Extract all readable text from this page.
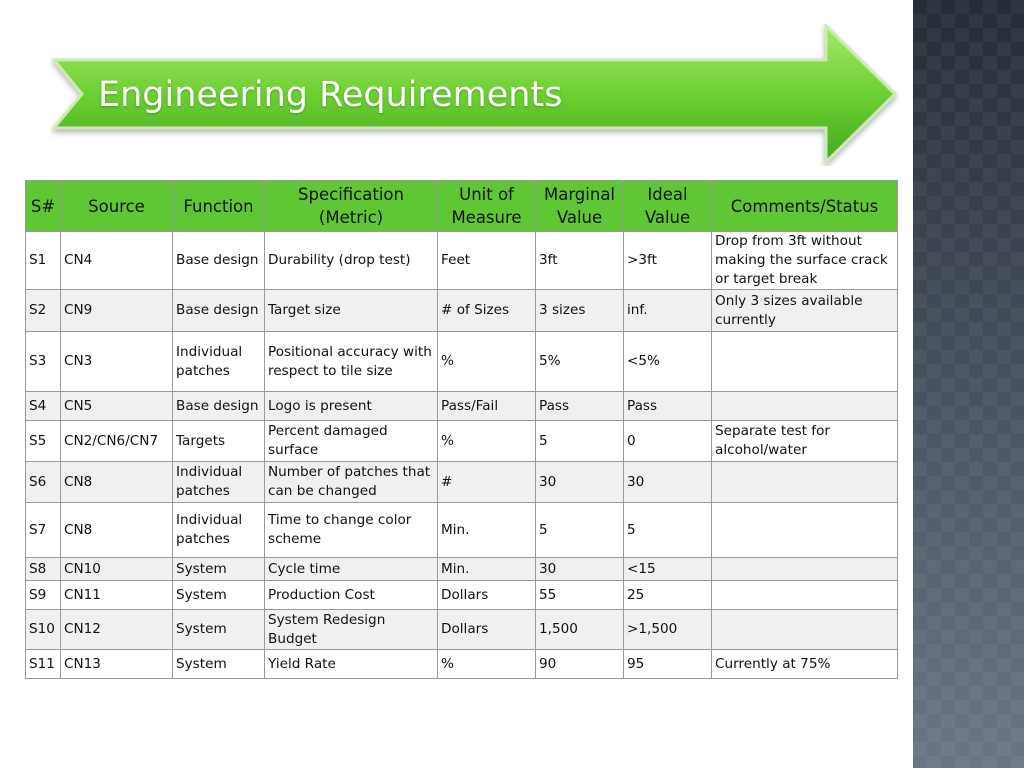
Engineering Requirements
S#	Source	Function	Specification (Metric)	Unit of Measure	Marginal Value	Ideal Value	Comments/Status
S1	CN4	Base design	Durability (drop test)	Feet	3ft	>3ft	Drop from 3ft without making the surface crack or target break
S2	CN9	Base design	Target size	# of Sizes	3 sizes	inf.	Only 3 sizes available currently
S3	CN3	Individual patches	Positional accuracy with respect to tile size	%	5%	<5%	
S4	CN5	Base design	Logo is present	Pass/Fail	Pass	Pass	
S5	CN2/CN6/CN7	Targets	Percent damaged surface	%	5	0	Separate test for alcohol/water
S6	CN8	Individual patches	Number of patches that can be changed	#	30	30	
S7	CN8	Individual patches	Time to change color scheme	Min.	5	5	
S8	CN10	System	Cycle time	Min.	30	<15	
S9	CN11	System	Production Cost	Dollars	55	25	
S10	CN12	System	System Redesign Budget	Dollars	1,500	>1,500	
S11	CN13	System	Yield Rate	%	90	95	Currently at 75%
